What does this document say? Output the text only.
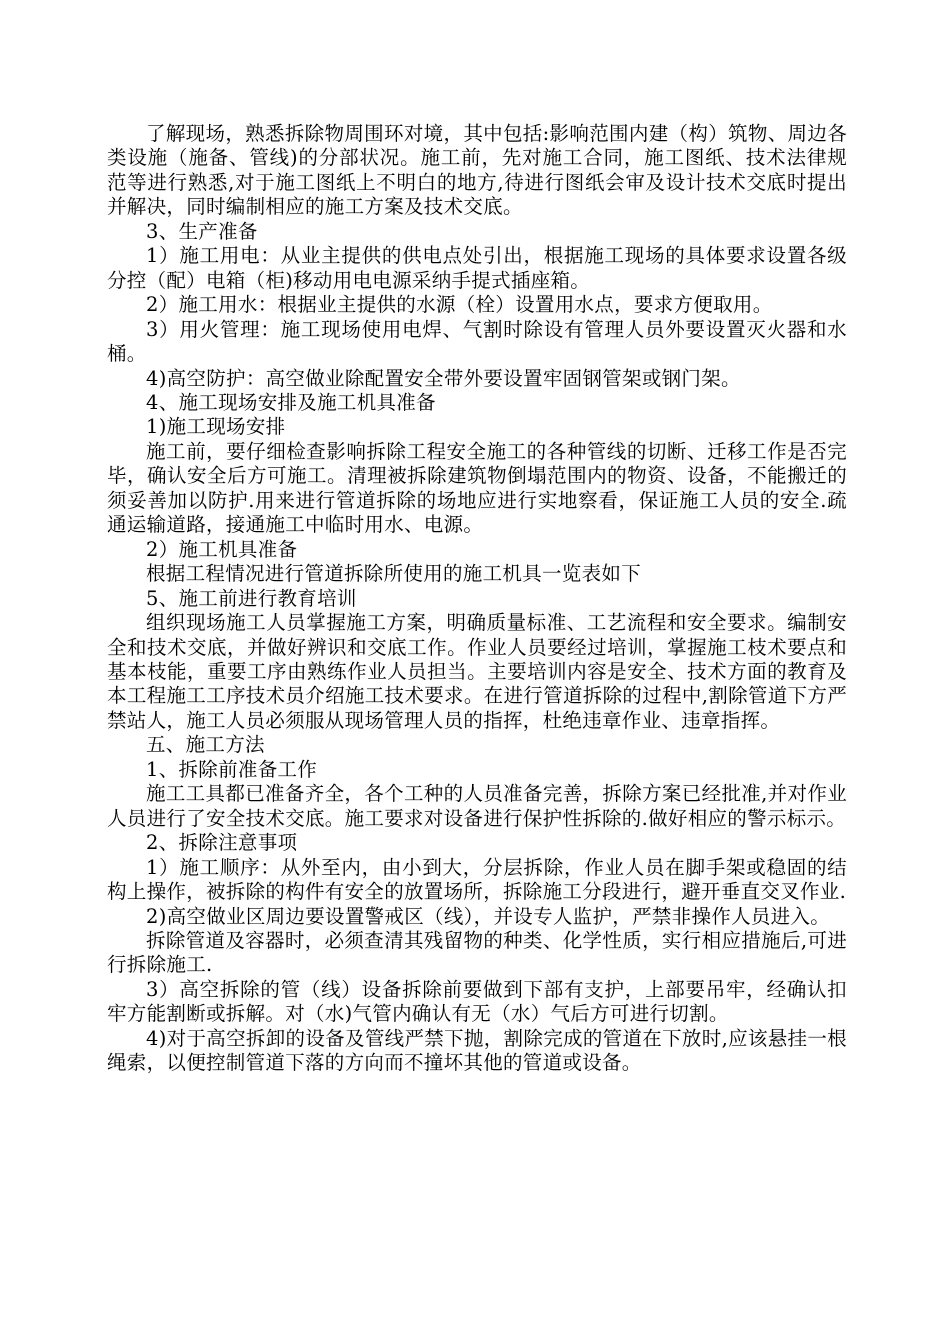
了解现场，熟悉拆除物周围环对境，其中包括:影响范围内建（构）筑物、周边各类设施（施备、管线)的分部状况。施工前，先对施工合同，施工图纸、技术法律规范等进行熟悉,对于施工图纸上不明白的地方,待进行图纸会审及设计技术交底时提出并解决，同时编制相应的施工方案及技术交底。

3、生产准备

1）施工用电：从业主提供的供电点处引出，根据施工现场的具体要求设置各级分控（配）电箱（柜)移动用电电源采纳手提式插座箱。

2）施工用水：根据业主提供的水源（栓）设置用水点，要求方便取用。

3）用火管理：施工现场使用电焊、气割时除设有管理人员外要设置灭火器和水桶。

4)高空防护：高空做业除配置安全带外要设置牢固钢管架或钢门架。

4、施工现场安排及施工机具准备

1)施工现场安排

施工前，要仔细检查影响拆除工程安全施工的各种管线的切断、迁移工作是否完毕，确认安全后方可施工。清理被拆除建筑物倒塌范围内的物资、设备，不能搬迁的须妥善加以防护.用来进行管道拆除的场地应进行实地察看，保证施工人员的安全.疏通运输道路，接通施工中临时用水、电源。

2）施工机具准备

根据工程情况进行管道拆除所使用的施工机具一览表如下

5、施工前进行教育培训

组织现场施工人员掌握施工方案，明确质量标准、工艺流程和安全要求。编制安全和技术交底，并做好辨识和交底工作。作业人员要经过培训，掌握施工枝术要点和基本枝能，重要工序由熟练作业人员担当。主要培训内容是安全、技术方面的教育及本工程施工工序技术员介绍施工技术要求。在进行管道拆除的过程中,割除管道下方严禁站人，施工人员必须服从现场管理人员的指挥，杜绝违章作业、违章指挥。

五、施工方法

1、拆除前准备工作

施工工具都已准备齐全，各个工种的人员准备完善，拆除方案已经批准,并对作业人员进行了安全技术交底。施工要求对设备进行保护性拆除的.做好相应的警示标示。

2、拆除注意事项

1）施工顺序：从外至内，由小到大，分层拆除，作业人员在脚手架或稳固的结构上操作，被拆除的构件有安全的放置场所，拆除施工分段进行，避开垂直交叉作业.

2)高空做业区周边要设置警戒区（线），并设专人监护，严禁非操作人员进入。

拆除管道及容器时，必须查清其残留物的种类、化学性质，实行相应措施后,可进行拆除施工.

3）高空拆除的管（线）设备拆除前要做到下部有支护，上部要吊牢，经确认扣牢方能割断或拆解。对（水)气管内确认有无（水）气后方可进行切割。

4)对于高空拆卸的设备及管线严禁下抛，割除完成的管道在下放时,应该悬挂一根绳索，以便控制管道下落的方向而不撞坏其他的管道或设备。
